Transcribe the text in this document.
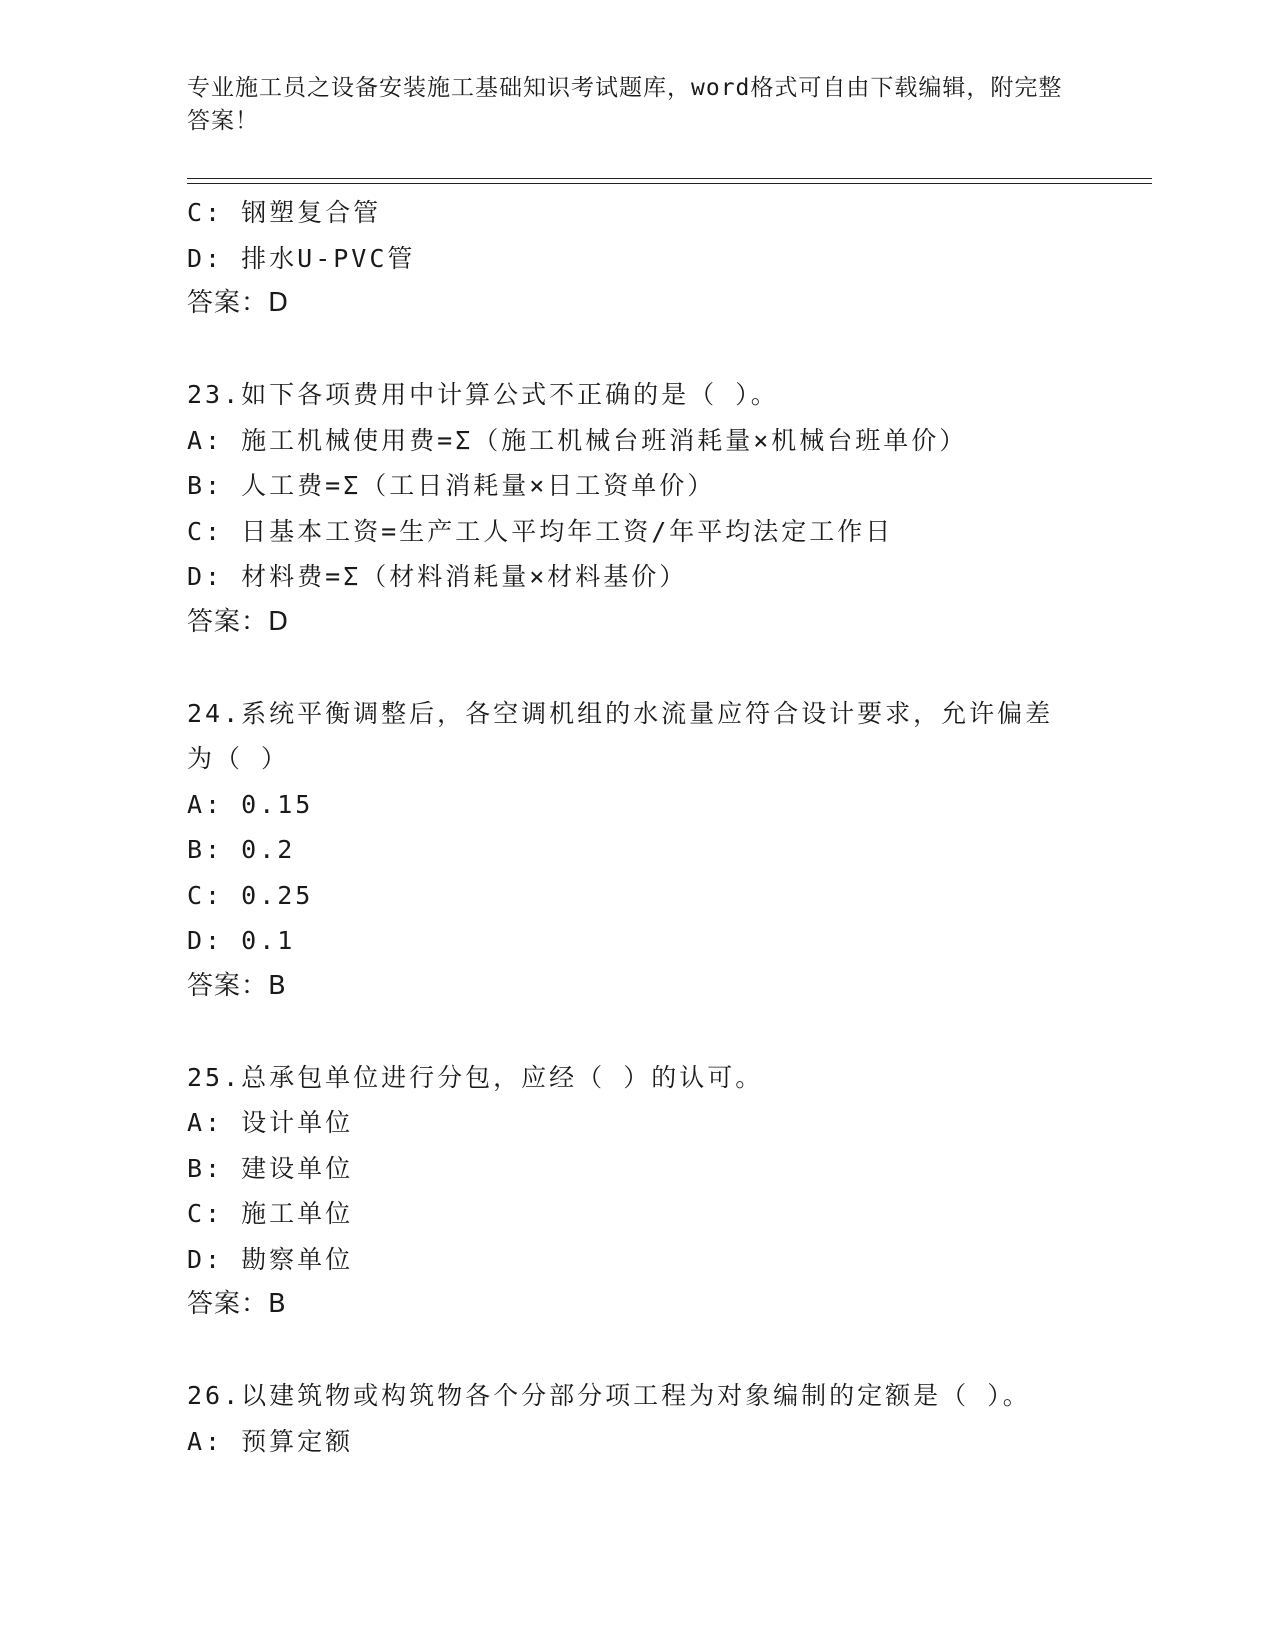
专业施工员之设备安装施工基础知识考试题库，word格式可自由下载编辑，附完整答案！
C: 钢塑复合管
D: 排水U-PVC管
答案：D
23.如下各项费用中计算公式不正确的是（ ）。
A: 施工机械使用费=Σ（施工机械台班消耗量×机械台班单价）
B: 人工费=Σ（工日消耗量×日工资单价）
C: 日基本工资=生产工人平均年工资/年平均法定工作日
D: 材料费=Σ（材料消耗量×材料基价）
答案：D
24.系统平衡调整后，各空调机组的水流量应符合设计要求，允许偏差
为（ ）
A: 0.15
B: 0.2
C: 0.25
D: 0.1
答案：B
25.总承包单位进行分包，应经（ ）的认可。
A: 设计单位
B: 建设单位
C: 施工单位
D: 勘察单位
答案：B
26.以建筑物或构筑物各个分部分项工程为对象编制的定额是（ ）。
A: 预算定额
